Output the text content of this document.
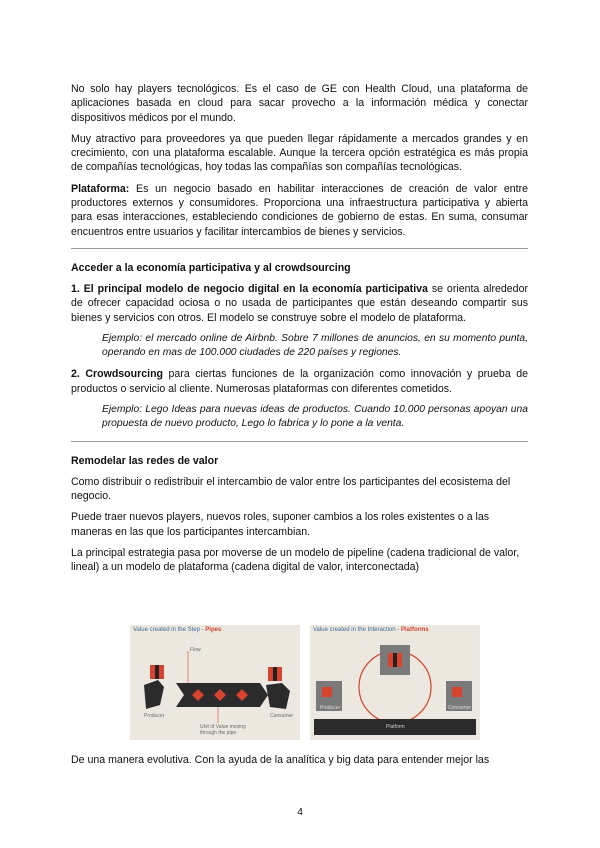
No solo hay players tecnológicos. Es el caso de GE con Health Cloud, una plataforma de aplicaciones basada en cloud para sacar provecho a la información médica y conectar dispositivos médicos por el mundo.

Muy atractivo para proveedores ya que pueden llegar rápidamente a mercados grandes y en crecimiento, con una plataforma escalable. Aunque la tercera opción estratégica es más propia de compañías tecnológicas, hoy todas las compañías son compañías tecnológicas.

Plataforma: Es un negocio basado en habilitar interacciones de creación de valor entre productores externos y consumidores. Proporciona una infraestructura participativa y abierta para esas interacciones, estableciendo condiciones de gobierno de estas. En suma, consumar encuentros entre usuarios y facilitar intercambios de bienes y servicios.

Acceder a la economía participativa y al crowdsourcing

1. El principal modelo de negocio digital en la economía participativa se orienta alrededor de ofrecer capacidad ociosa o no usada de participantes que están deseando compartir sus bienes y servicios con otros. El modelo se construye sobre el modelo de plataforma.

Ejemplo: el mercado online de Airbnb. Sobre 7 millones de anuncios, en su momento punta, operando en mas de 100.000 ciudades de 220 países y regiones.

2. Crowdsourcing para ciertas funciones de la organización como innovación y prueba de productos o servicio al cliente. Numerosas plataformas con diferentes cometidos.

Ejemplo: Lego Ideas para nuevas ideas de productos. Cuando 10.000 personas apoyan una propuesta de nuevo producto, Lego lo fabrica y lo pone a la venta.

Remodelar las redes de valor

Como distribuir o redistribuir el intercambio de valor entre los participantes del ecosistema del negocio.

Puede traer nuevos players, nuevos roles, suponer cambios a los roles existentes o a las maneras en las que los participantes intercambian.

La principal estrategia pasa por moverse de un modelo de pipeline (cadena tradicional de valor, lineal) a un modelo de plataforma (cadena digital de valor, interconectada)

Value created in the Step - Pipes
Producer	Consumer
Flow
Unit of Value moving through the pipe
Value created in the Interaction - Platforms
Producer	Consumer
Platform

De una manera evolutiva. Con la ayuda de la analítica y big data para entender mejor las

4
